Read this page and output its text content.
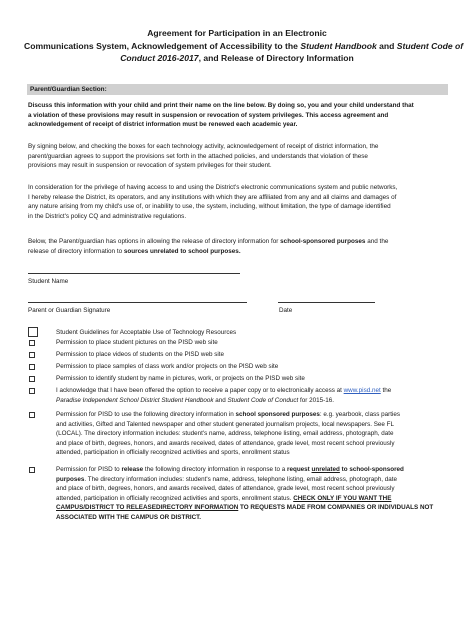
Agreement for Participation in an Electronic
Communications System, Acknowledgement of Accessibility to the Student Handbook and Student Code of
Conduct 2016-2017, and Release of Directory Information
Parent/Guardian Section:
Discuss this information with your child and print their name on the line below. By doing so, you and your child understand that
a violation of these provisions may result in suspension or revocation of system privileges. This access agreement and
acknowledgement of receipt of district information must be renewed each academic year.
By signing below, and checking the boxes for each technology activity, acknowledgement of receipt of district information, the
parent/guardian agrees to support the provisions set forth in the attached policies, and understands that violation of these
provisions may result in suspension or revocation of system privileges for their student.
In consideration for the privilege of having access to and using the District's electronic communications system and public networks,
I hereby release the District, its operators, and any institutions with which they are affiliated from any and all claims and damages of
any nature arising from my child's use of, or inability to use, the system, including, without limitation, the type of damage identified
in the District's policy CQ and administrative regulations.
Below, the Parent/guardian has options in allowing the release of directory information for school-sponsored purposes and the
release of directory information to sources unrelated to school purposes.
Student Name
Parent or Guardian Signature	Date
Student Guidelines for Acceptable Use of Technology Resources
Permission to place student pictures on the PISD web site
Permission to place videos of students on the PISD web site
Permission to place samples of class work and/or projects on the PISD web site
Permission to identify student by name in pictures, work, or projects on the PISD web site
I acknowledge that I have been offered the option to receive a paper copy or to electronically access at www.pisd.net the
Paradise Independent School District Student Handbook and Student Code of Conduct for 2015-16.
Permission for PISD to use the following directory information in school sponsored purposes: e.g. yearbook, class parties
and activities, Gifted and Talented newspaper and other student generated journalism projects, local newspapers. See FL
(LOCAL). The directory information includes: student's name, address, telephone listing, email address, photograph, date
and place of birth, degrees, honors, and awards received, dates of attendance, grade level, most recent school previously
attended, participation in officially recognized activities and sports, enrollment status
Permission for PISD to release the following directory information in response to a request unrelated to school-sponsored
purposes. The directory information includes: student's name, address, telephone listing, email address, photograph, date
and place of birth, degrees, honors, and awards received, dates of attendance, grade level, most recent school previously
attended, participation in officially recognized activities and sports, enrollment status. CHECK ONLY IF YOU WANT THE
CAMPUS/DISTRICT TO RELEASEDIRECTORY INFORMATION TO REQUESTS MADE FROM COMPANIES OR INDIVIDUALS NOT
ASSOCIATED WITH THE CAMPUS OR DISTRICT.
